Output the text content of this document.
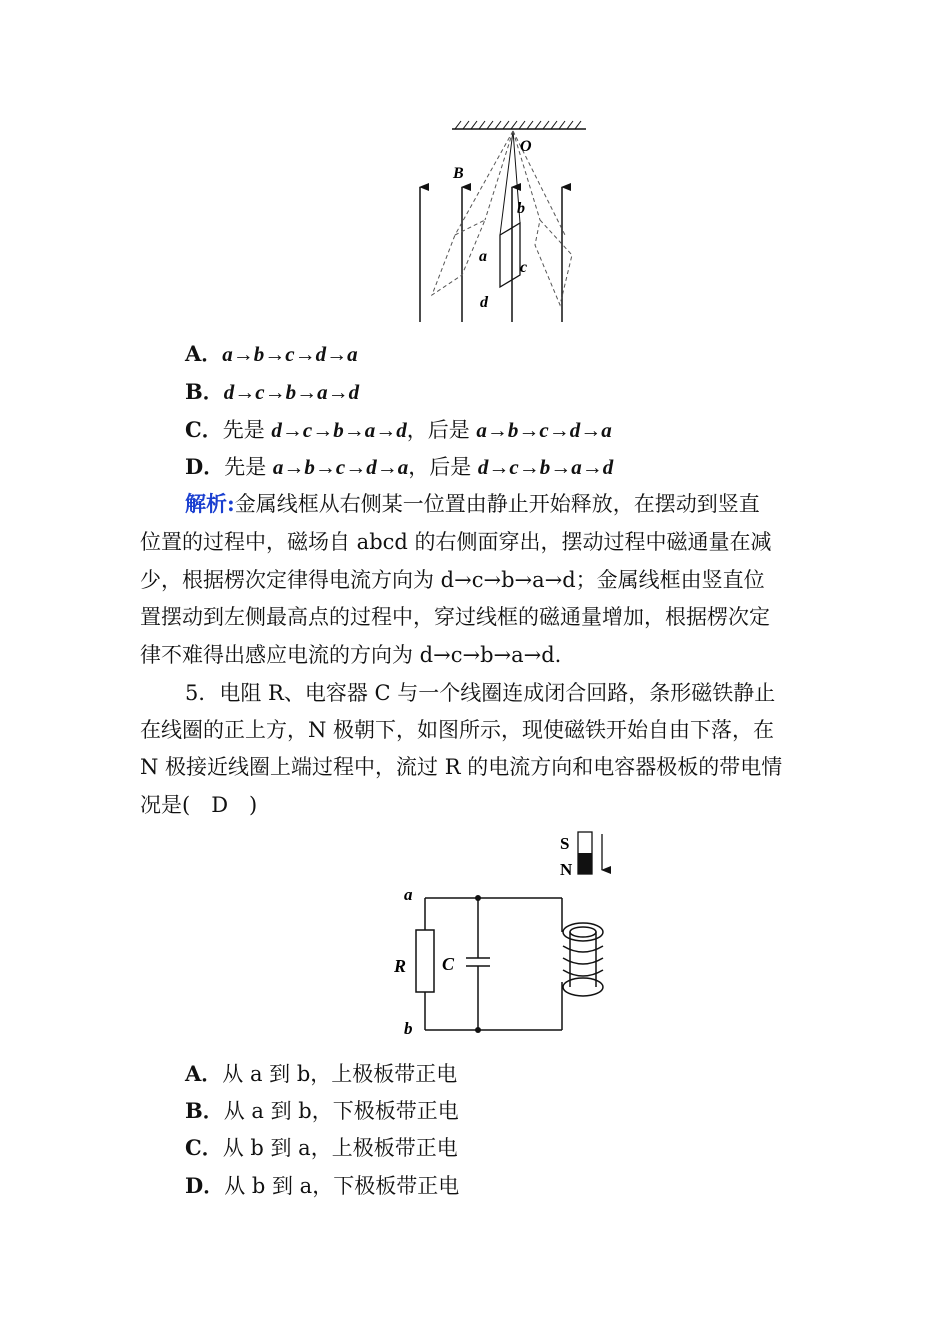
O
B
b
a
c
d
A．a→b→c→d→a
B．d→c→b→a→d
C．先是 d→c→b→a→d，后是 a→b→c→d→a
D．先是 a→b→c→d→a，后是 d→c→b→a→d
解析:金属线框从右侧某一位置由静止开始释放，在摆动到竖直
位置的过程中，磁场自 abcd 的右侧面穿出，摆动过程中磁通量在减
少，根据楞次定律得电流方向为 d→c→b→a→d；金属线框由竖直位
置摆动到左侧最高点的过程中，穿过线框的磁通量增加，根据楞次定
律不难得出感应电流的方向为 d→c→b→a→d.
5．电阻 R、电容器 C 与一个线圈连成闭合回路，条形磁铁静止
在线圈的正上方，N 极朝下，如图所示，现使磁铁开始自由下落，在
N 极接近线圈上端过程中，流过 R 的电流方向和电容器极板的带电情
况是(　D　)
S
N
a
b
R C
A．从 a 到 b，上极板带正电
B．从 a 到 b，下极板带正电
C．从 b 到 a，上极板带正电
D．从 b 到 a，下极板带正电
